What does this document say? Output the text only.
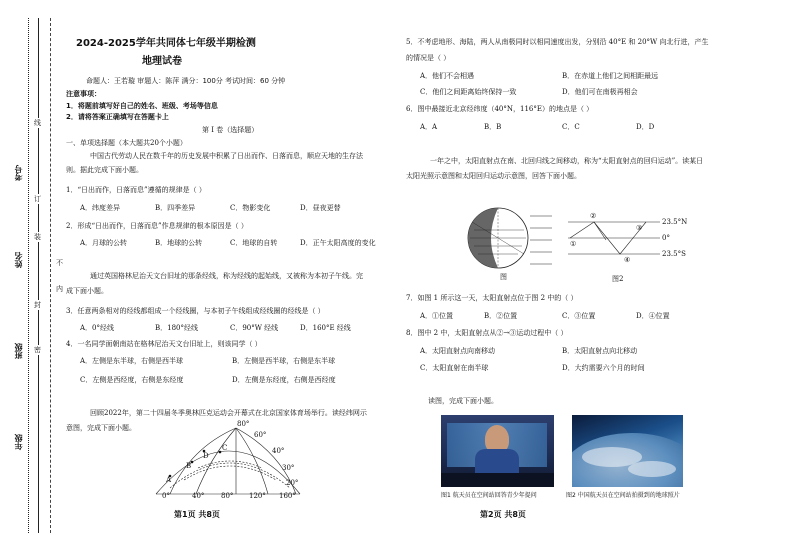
考号
姓名
班级
年级
线
订
装
不
内
封
密
2024-2025学年共同体七年级半期检测
地理试卷
命题人：王若璇 审题人：陈萍 满分：100分 考试时间：60 分钟
注意事项：
1．将题前填写好自己的姓名、班级、考场等信息
2．请将答案正确填写在答题卡上
第 I 卷（选择题）
一、单项选择题（本大题共20个小题）
中国古代劳动人民在数千年的历史发展中积累了日出而作、日落而息，顺应天地的生存法
则。据此完成下面小题。
1．“日出而作，日落而息”遵循的规律是（ ）
A．纬度差异	B．四季差异	C．物影变化	D．昼夜更替
2．形成“日出而作，日落而息”作息规律的根本原因是（ ）
A．月球的公转	B．地球的公转	C．地球的自转	D．正午太阳高度的变化
通过英国格林尼治天文台旧址的那条经线，称为经线的起始线，又被称为本初子午线。完
成下面小题。
3．任意两条相对的经线都组成一个经线圈，与本初子午线组成经线圈的经线是（ ）
A．0°经线	B．180°经线	C．90°W 经线	D．160°E 经线
4．一名同学面朝南站在格林尼治天文台旧址上，则该同学（ ）
A．左侧是东半球，右侧是西半球	B．左侧是西半球，右侧是东半球
C．左侧是西经度，右侧是东经度	D．左侧是东经度，右侧是西经度
回顾2022年，第二十四届冬季奥林匹克运动会开幕式在北京国家体育场举行。读经纬网示
意图，完成下面小题。	80°
60°
40°
30°
20°
0°	40° 80° 120° 160°
A
B
C
D
第1页 共8页
5．不考虑地形、海陆，两人从南极同时以相同速度出发，分别沿 40°E 和 20°W 向北行进，产生
的情况是（ ）
A．他们不会相遇	B．在赤道上他们之间相距最远
C．他们之间距离始终保持一致	D．他们可在南极再相会
6．图中最接近北京经纬度（40°N，116°E）的地点是（ ）
A．A	B．B	C．C	D．D
一年之中，太阳直射点在南、北回归线之间移动，称为“太阳直射点的回归运动”。读某日
太阳光照示意图和太阳回归运动示意图，回答下面小题。
图
23.5°N
0°
23.5°S
②
③
①
④
图2
7．如图 1 所示这一天，太阳直射点位于图 2 中的（ ）
A．①位置	B．②位置	C．③位置	D．④位置
8．图中 2 中，太阳直射点从②→③运动过程中（ ）
A．太阳直射点向南移动	B．太阳直射点向北移动
C．太阳直射在南半球	D．大约需要六个月的时间
读图，完成下面小题。
图1 航天员在空间站回答青少年提问	图2 中国航天员在空间站拍摄到的地球照片
第2页 共8页
